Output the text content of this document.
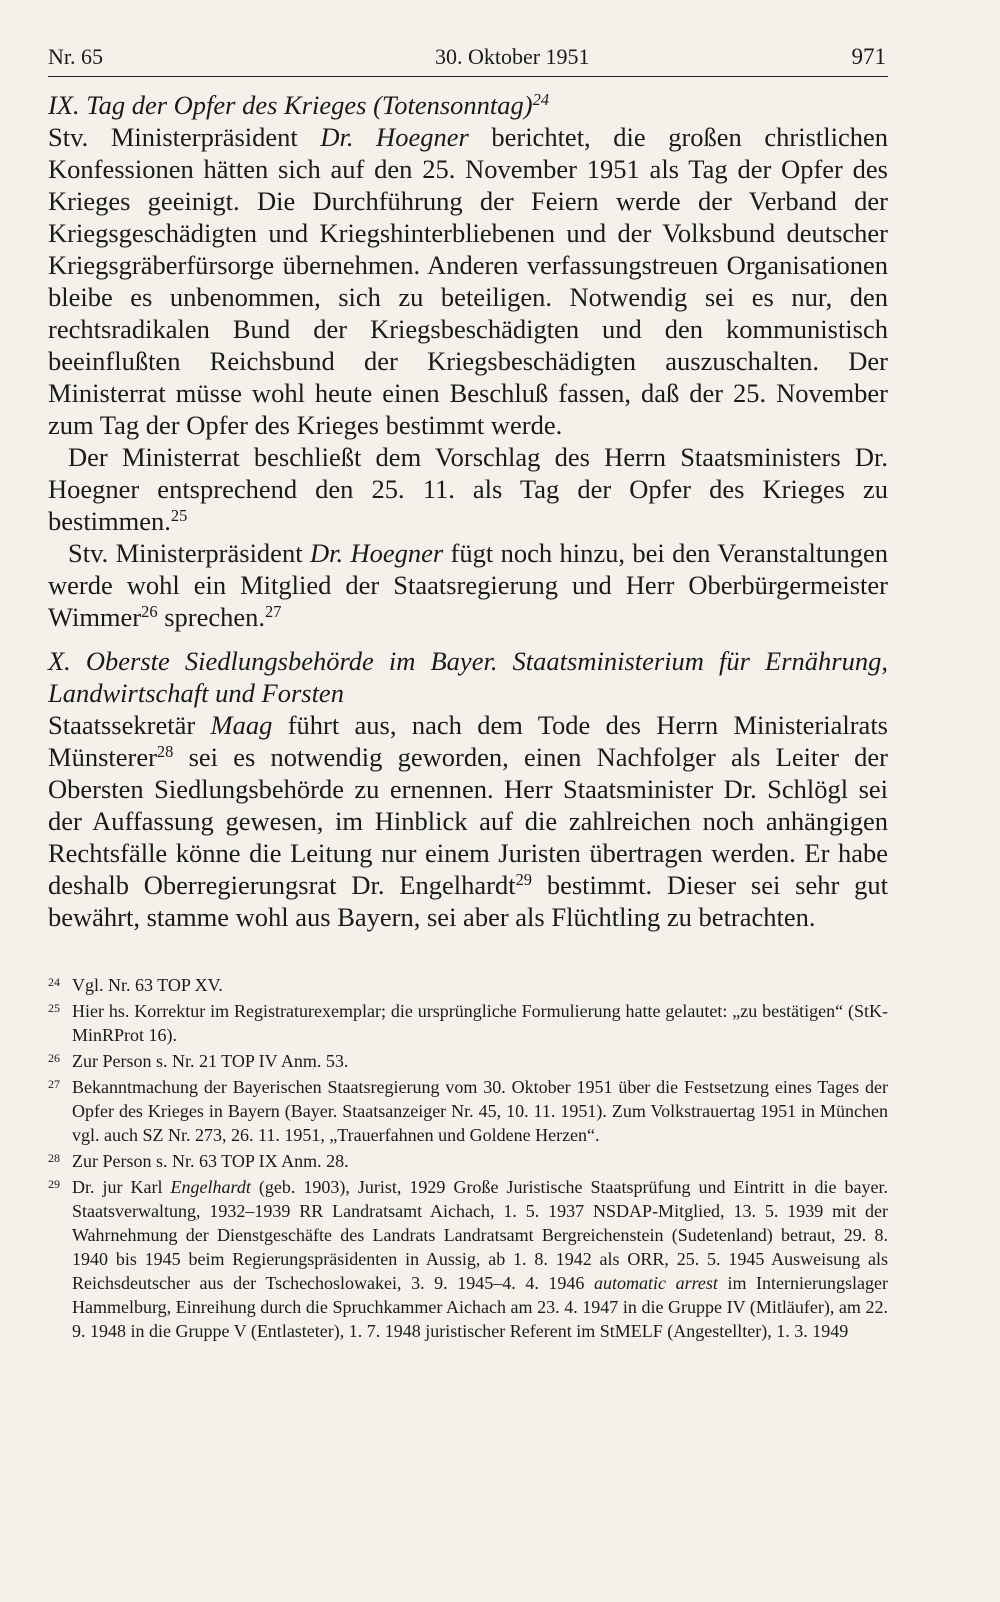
Nr. 65	30. Oktober 1951	971

IX. Tag der Opfer des Krieges (Totensonntag)$^{24}$

Stv. Ministerpräsident Dr. Hoegner berichtet, die großen christlichen Konfessionen hätten sich auf den 25. November 1951 als Tag der Opfer des Krieges geeinigt. Die Durchführung der Feiern werde der Verband der Kriegsgeschädigten und Kriegshinterbliebenen und der Volksbund deutscher Kriegsgräberfürsorge übernehmen. Anderen verfassungstreuen Organisationen bleibe es unbenommen, sich zu beteiligen. Notwendig sei es nur, den rechtsradikalen Bund der Kriegsbeschädigten und den kommunistisch beeinflußten Reichsbund der Kriegsbeschädigten auszuschalten. Der Ministerrat müsse wohl heute einen Beschluß fassen, daß der 25. November zum Tag der Opfer des Krieges bestimmt werde.

Der Ministerrat beschließt dem Vorschlag des Herrn Staatsministers Dr. Hoegner entsprechend den 25. 11. als Tag der Opfer des Krieges zu bestimmen.$^{25}$

Stv. Ministerpräsident Dr. Hoegner fügt noch hinzu, bei den Veranstaltungen werde wohl ein Mitglied der Staatsregierung und Herr Oberbürgermeister Wimmer$^{26}$ sprechen.$^{27}$

X. Oberste Siedlungsbehörde im Bayer. Staatsministerium für Ernährung, Landwirtschaft und Forsten

Staatssekretär Maag führt aus, nach dem Tode des Herrn Ministerialrats Münsterer$^{28}$ sei es notwendig geworden, einen Nachfolger als Leiter der Obersten Siedlungsbehörde zu ernennen. Herr Staatsminister Dr. Schlögl sei der Auffassung gewesen, im Hinblick auf die zahlreichen noch anhängigen Rechtsfälle könne die Leitung nur einem Juristen übertragen werden. Er habe deshalb Oberregierungsrat Dr. Engelhardt$^{29}$ bestimmt. Dieser sei sehr gut bewährt, stamme wohl aus Bayern, sei aber als Flüchtling zu betrachten.

24 Vgl. Nr. 63 TOP XV.
25 Hier hs. Korrektur im Registraturexemplar; die ursprüngliche Formulierung hatte gelautet: „zu bestätigen“ (StK-MinRProt 16).
26 Zur Person s. Nr. 21 TOP IV Anm. 53.
27 Bekanntmachung der Bayerischen Staatsregierung vom 30. Oktober 1951 über die Festsetzung eines Tages der Opfer des Krieges in Bayern (Bayer. Staatsanzeiger Nr. 45, 10. 11. 1951). Zum Volkstrauertag 1951 in München vgl. auch SZ Nr. 273, 26. 11. 1951, „Trauerfahnen und Goldene Herzen“.
28 Zur Person s. Nr. 63 TOP IX Anm. 28.
29 Dr. jur Karl Engelhardt (geb. 1903), Jurist, 1929 Große Juristische Staatsprüfung und Eintritt in die bayer. Staatsverwaltung, 1932–1939 RR Landratsamt Aichach, 1. 5. 1937 NSDAP-Mitglied, 13. 5. 1939 mit der Wahrnehmung der Dienstgeschäfte des Landrats Landratsamt Bergreichenstein (Sudetenland) betraut, 29. 8. 1940 bis 1945 beim Regierungspräsidenten in Aussig, ab 1. 8. 1942 als ORR, 25. 5. 1945 Ausweisung als Reichsdeutscher aus der Tschechoslowakei, 3. 9. 1945–4. 4. 1946 automatic arrest im Internierungslager Hammelburg, Einreihung durch die Spruchkammer Aichach am 23. 4. 1947 in die Gruppe IV (Mitläufer), am 22. 9. 1948 in die Gruppe V (Entlasteter), 1. 7. 1948 juristischer Referent im StMELF (Angestellter), 1. 3. 1949
